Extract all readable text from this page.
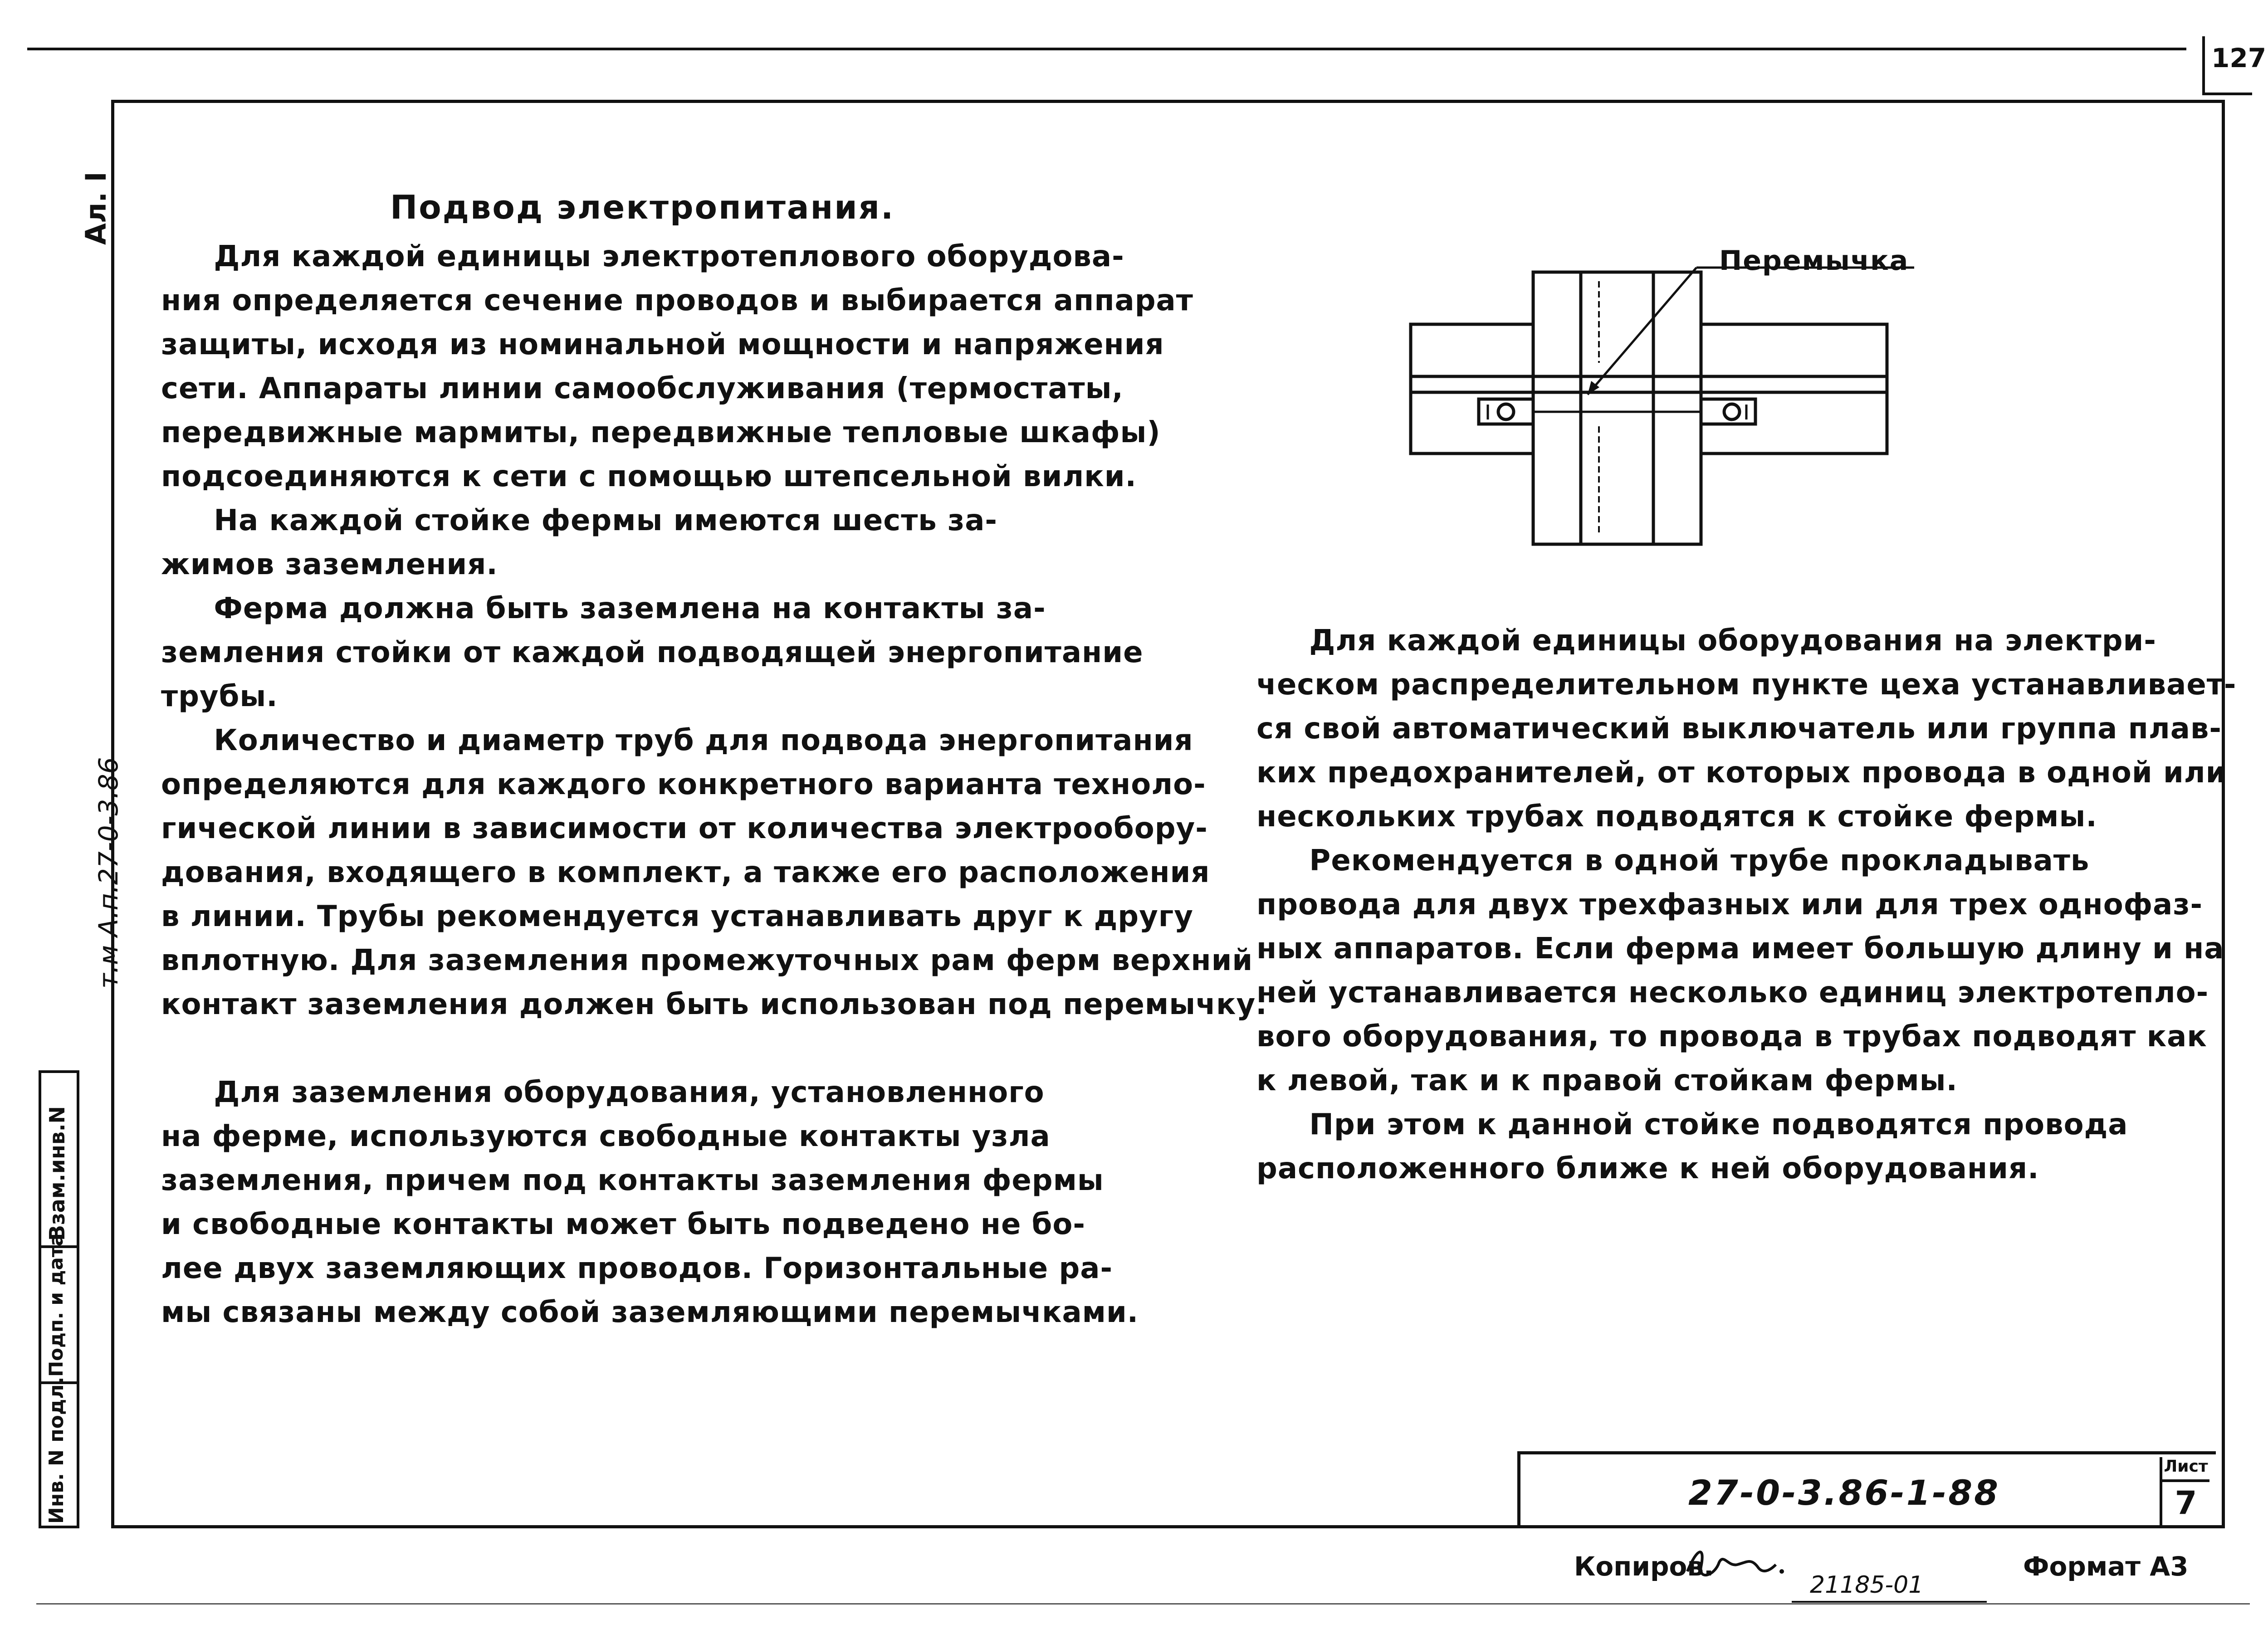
127
Ал. I
т.м А.п.27-0-3.86
Взам.инв.N
Подп. и дата
Инв. N подл.
Подвод электропитания.

Для каждой единицы электротеплового оборудова-

ния определяется сечение проводов и выбирается аппарат

защиты, исходя из номинальной мощности и напряжения

сети. Аппараты линии самообслуживания (термостаты,

передвижные мармиты, передвижные тепловые шкафы)

подсоединяются к сети с помощью штепсельной вилки.

На каждой стойке фермы имеются шесть за-

жимов заземления.

Ферма должна быть заземлена на контакты за-

земления стойки от каждой подводящей энергопитание

трубы.

Количество и диаметр труб для подвода энергопитания

определяются для каждого конкретного варианта техноло-

гической линии в зависимости от количества электрообору-

дования, входящего в комплект, а также его расположения

в линии. Трубы рекомендуется устанавливать друг к другу

вплотную. Для заземления промежуточных рам ферм верхний

контакт заземления должен быть использован под перемычку.

Для заземления оборудования, установленного

на ферме, используются свободные контакты узла

заземления, причем под контакты заземления фермы

и свободные контакты может быть подведено не бо-

лее двух заземляющих проводов. Горизонтальные ра-

мы связаны между собой заземляющими перемычками.

Перемычка

Для каждой единицы оборудования на электри-

ческом распределительном пункте цеха устанавливает-

ся свой автоматический выключатель или группа плав-

ких предохранителей, от которых провода в одной или

нескольких трубах подводятся к стойке фермы.

Рекомендуется в одной трубе прокладывать

провода для двух трехфазных или для трех однофаз-

ных аппаратов. Если ферма имеет большую длину и на

ней устанавливается несколько единиц электротепло-

вого оборудования, то провода в трубах подводят как

к левой, так и к правой стойкам фермы.

При этом к данной стойке подводятся провода

расположенного ближе к ней оборудования.

27-0-3.86-1-88
Лист
7
Копиров.
21185-01
Формат А3
